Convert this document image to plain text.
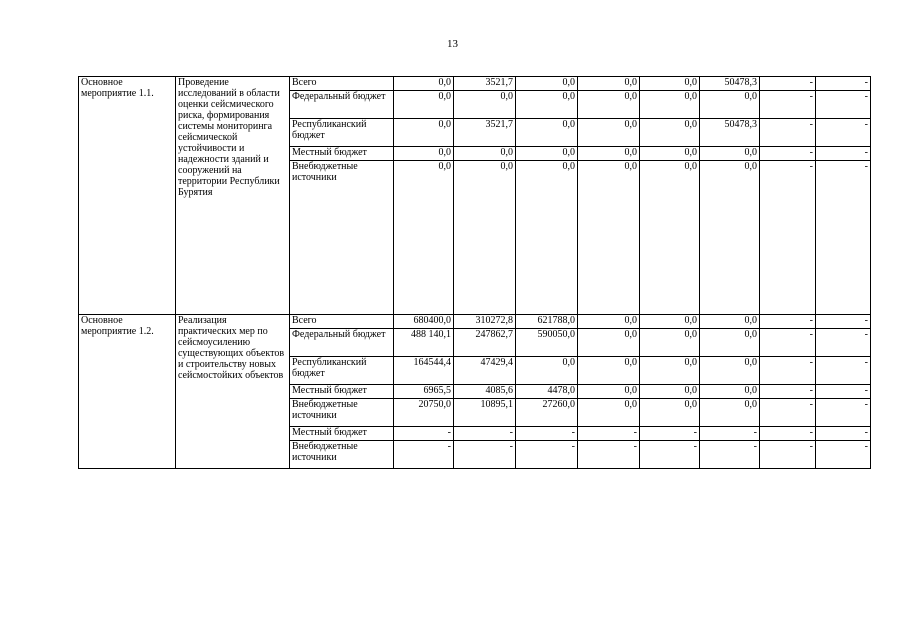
13
Основное мероприятие 1.1.	Проведение исследований в области оценки сейсмического риска, формирования системы мониторинга сейсмической устойчивости и надежности зданий и сооружений на территории Республики Бурятия	Всего	0,0	3521,7	0,0	0,0	0,0	50478,3	-	-
		Федеральный бюджет	0,0	0,0	0,0	0,0	0,0	0,0	-	-
		Республиканский бюджет	0,0	3521,7	0,0	0,0	0,0	50478,3	-	-
		Местный бюджет	0,0	0,0	0,0	0,0	0,0	0,0	-	-
		Внебюджетные источники	0,0	0,0	0,0	0,0	0,0	0,0	-	-
Основное мероприятие 1.2.	Реализация практических мер по сейсмоусилению существующих объектов и строительству новых сейсмостойких объектов	Всего	680400,0	310272,8	621788,0	0,0	0,0	0,0	-	-
		Федеральный бюджет	488 140,1	247862,7	590050,0	0,0	0,0	0,0	-	-
		Республиканский бюджет	164544,4	47429,4	0,0	0,0	0,0	0,0	-	-
		Местный бюджет	6965,5	4085,6	4478,0	0,0	0,0	0,0	-	-
		Внебюджетные источники	20750,0	10895,1	27260,0	0,0	0,0	0,0	-	-
		Местный бюджет	-	-	-	-	-	-	-	-
		Внебюджетные источники	-	-	-	-	-	-	-	-
